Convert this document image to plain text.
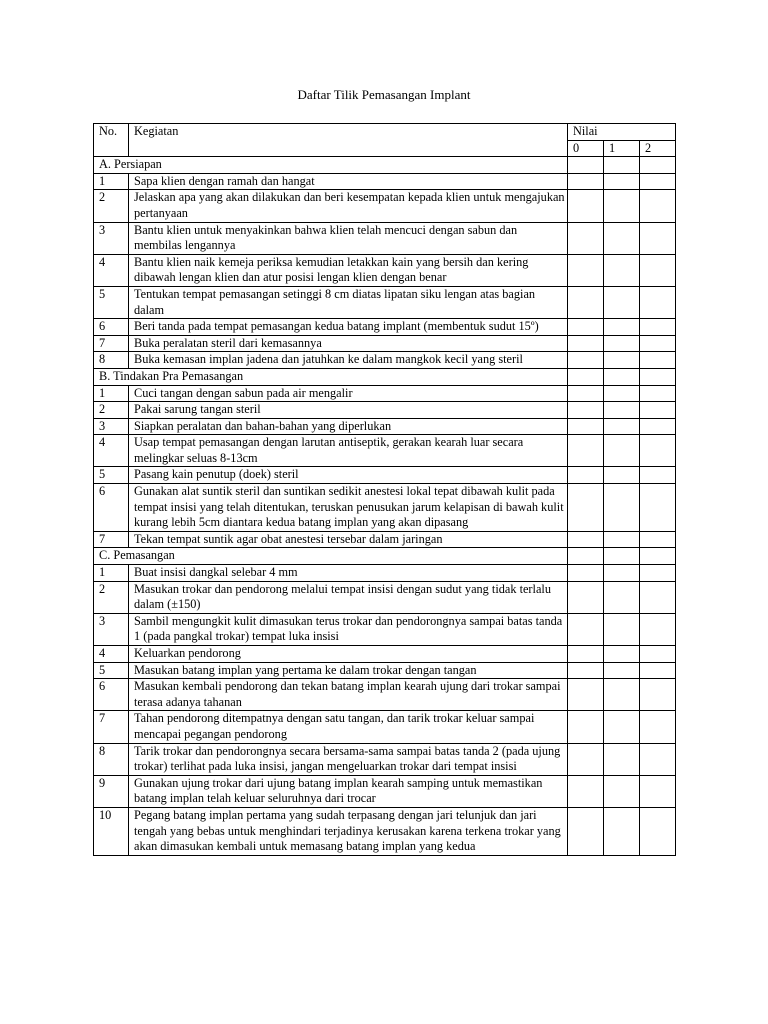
Daftar Tilik Pemasangan Implant
No.	Kegiatan	Nilai		
		0	1	2
A. Persiapan				
1	Sapa klien dengan ramah dan hangat			
2	Jelaskan apa yang akan dilakukan dan beri kesempatan kepada klien untuk mengajukan pertanyaan			
3	Bantu klien untuk menyakinkan bahwa klien telah mencuci dengan sabun dan membilas lengannya			
4	Bantu klien naik kemeja periksa kemudian letakkan kain yang bersih dan kering dibawah lengan klien dan atur posisi lengan klien dengan benar			
5	Tentukan tempat pemasangan setinggi 8 cm diatas lipatan siku lengan atas bagian dalam			
6	Beri tanda pada tempat pemasangan kedua batang implant (membentuk sudut 15º)			
7	Buka peralatan steril dari kemasannya			
8	Buka kemasan implan jadena dan jatuhkan ke dalam mangkok kecil yang steril			
B. Tindakan Pra Pemasangan				
1	Cuci tangan dengan sabun pada air mengalir			
2	Pakai sarung tangan steril			
3	Siapkan peralatan dan bahan-bahan yang diperlukan			
4	Usap tempat pemasangan dengan larutan antiseptik, gerakan kearah luar secara melingkar seluas 8-13cm			
5	Pasang kain penutup (doek) steril			
6	Gunakan alat suntik steril dan suntikan sedikit anestesi lokal tepat dibawah kulit pada tempat insisi yang telah ditentukan, teruskan penusukan jarum kelapisan di bawah kulit kurang lebih 5cm diantara kedua batang implan yang akan dipasang			
7	Tekan tempat suntik agar obat anestesi tersebar dalam jaringan			
C. Pemasangan				
1	Buat insisi dangkal selebar 4 mm			
2	Masukan trokar dan pendorong melalui tempat insisi dengan sudut yang tidak terlalu dalam (±150)			
3	Sambil mengungkit kulit dimasukan terus trokar dan pendorongnya sampai batas tanda 1 (pada pangkal trokar) tempat luka insisi			
4	Keluarkan pendorong			
5	Masukan batang implan yang pertama ke dalam trokar dengan tangan			
6	Masukan kembali pendorong dan tekan batang implan kearah ujung dari trokar sampai terasa adanya tahanan			
7	Tahan pendorong ditempatnya dengan satu tangan, dan tarik trokar keluar sampai mencapai pegangan pendorong			
8	Tarik trokar dan pendorongnya secara bersama-sama sampai batas tanda 2 (pada ujung trokar) terlihat pada luka insisi, jangan mengeluarkan trokar dari tempat insisi			
9	Gunakan ujung trokar dari ujung batang implan kearah samping untuk memastikan batang implan telah keluar seluruhnya dari trocar			
10	Pegang batang implan pertama yang sudah terpasang dengan jari telunjuk dan jari tengah yang bebas untuk menghindari terjadinya kerusakan karena terkena trokar yang akan dimasukan kembali untuk memasang batang implan yang kedua			
